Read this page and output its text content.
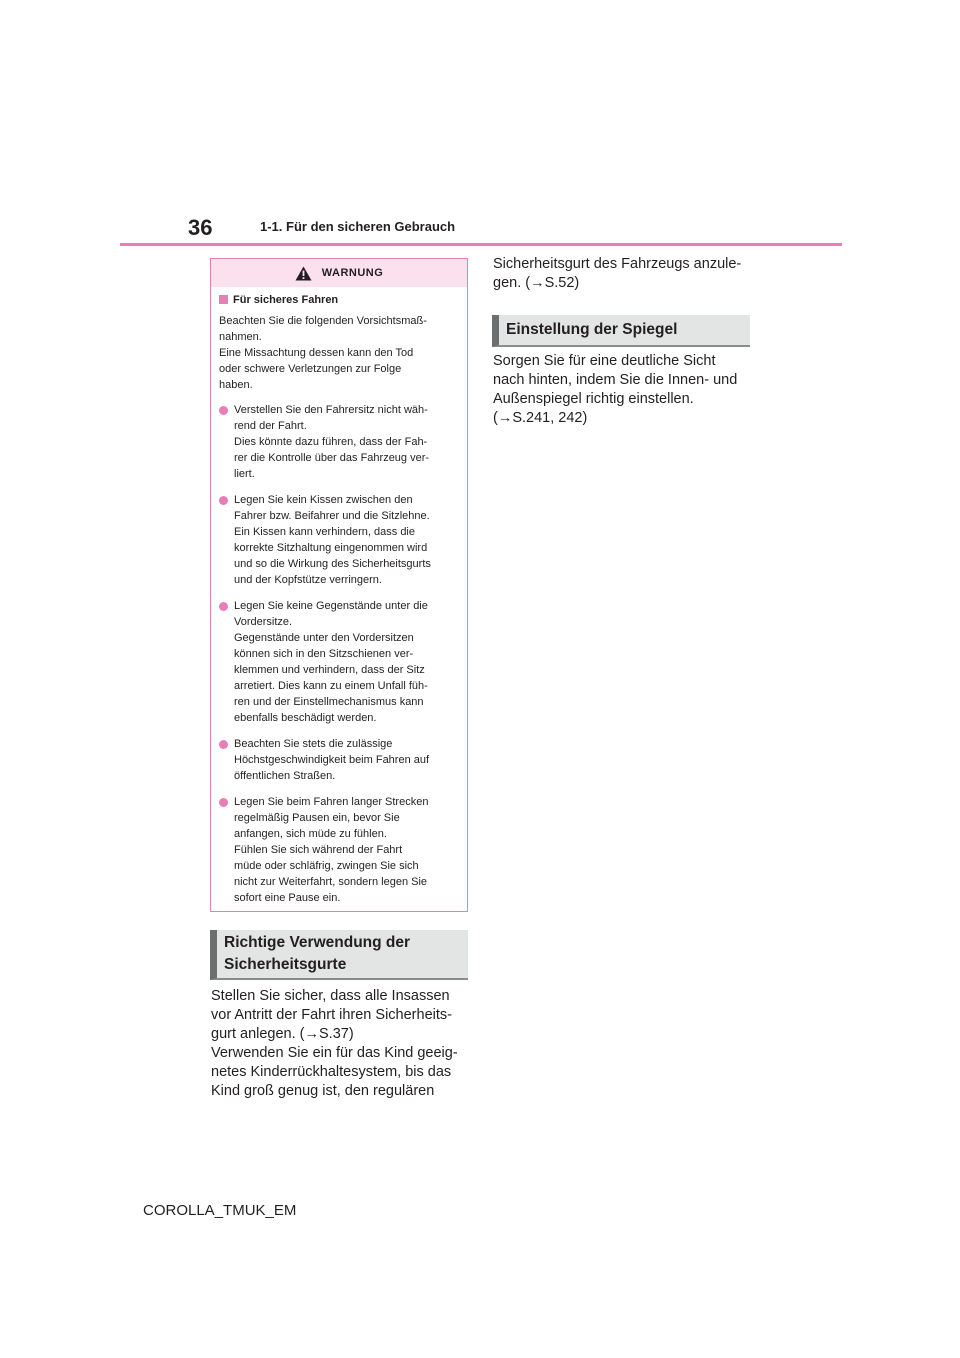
36	1-1. Für den sicheren Gebrauch
WARNUNG
Für sicheres Fahren

Beachten Sie die folgenden Vorsichtsmaß-
nahmen.
Eine Missachtung dessen kann den Tod
oder schwere Verletzungen zur Folge
haben.

Verstellen Sie den Fahrersitz nicht wäh-
rend der Fahrt.
Dies könnte dazu führen, dass der Fah-
rer die Kontrolle über das Fahrzeug ver-
liert.
Legen Sie kein Kissen zwischen den
Fahrer bzw. Beifahrer und die Sitzlehne.
Ein Kissen kann verhindern, dass die
korrekte Sitzhaltung eingenommen wird
und so die Wirkung des Sicherheitsgurts
und der Kopfstütze verringern.
Legen Sie keine Gegenstände unter die
Vordersitze.
Gegenstände unter den Vordersitzen
können sich in den Sitzschienen ver-
klemmen und verhindern, dass der Sitz
arretiert. Dies kann zu einem Unfall füh-
ren und der Einstellmechanismus kann
ebenfalls beschädigt werden.
Beachten Sie stets die zulässige
Höchstgeschwindigkeit beim Fahren auf
öffentlichen Straßen.
Legen Sie beim Fahren langer Strecken
regelmäßig Pausen ein, bevor Sie
anfangen, sich müde zu fühlen.
Fühlen Sie sich während der Fahrt
müde oder schläfrig, zwingen Sie sich
nicht zur Weiterfahrt, sondern legen Sie
sofort eine Pause ein.
Richtige Verwendung der
Sicherheitsgurte

Stellen Sie sicher, dass alle Insassen
vor Antritt der Fahrt ihren Sicherheits-
gurt anlegen. (→S.37)
Verwenden Sie ein für das Kind geeig-
netes Kinderrückhaltesystem, bis das
Kind groß genug ist, den regulären

Sicherheitsgurt des Fahrzeugs anzule-
gen. (→S.52)

Einstellung der Spiegel

Sorgen Sie für eine deutliche Sicht
nach hinten, indem Sie die Innen- und
Außenspiegel richtig einstellen.
(→S.241, 242)

COROLLA_TMUK_EM
